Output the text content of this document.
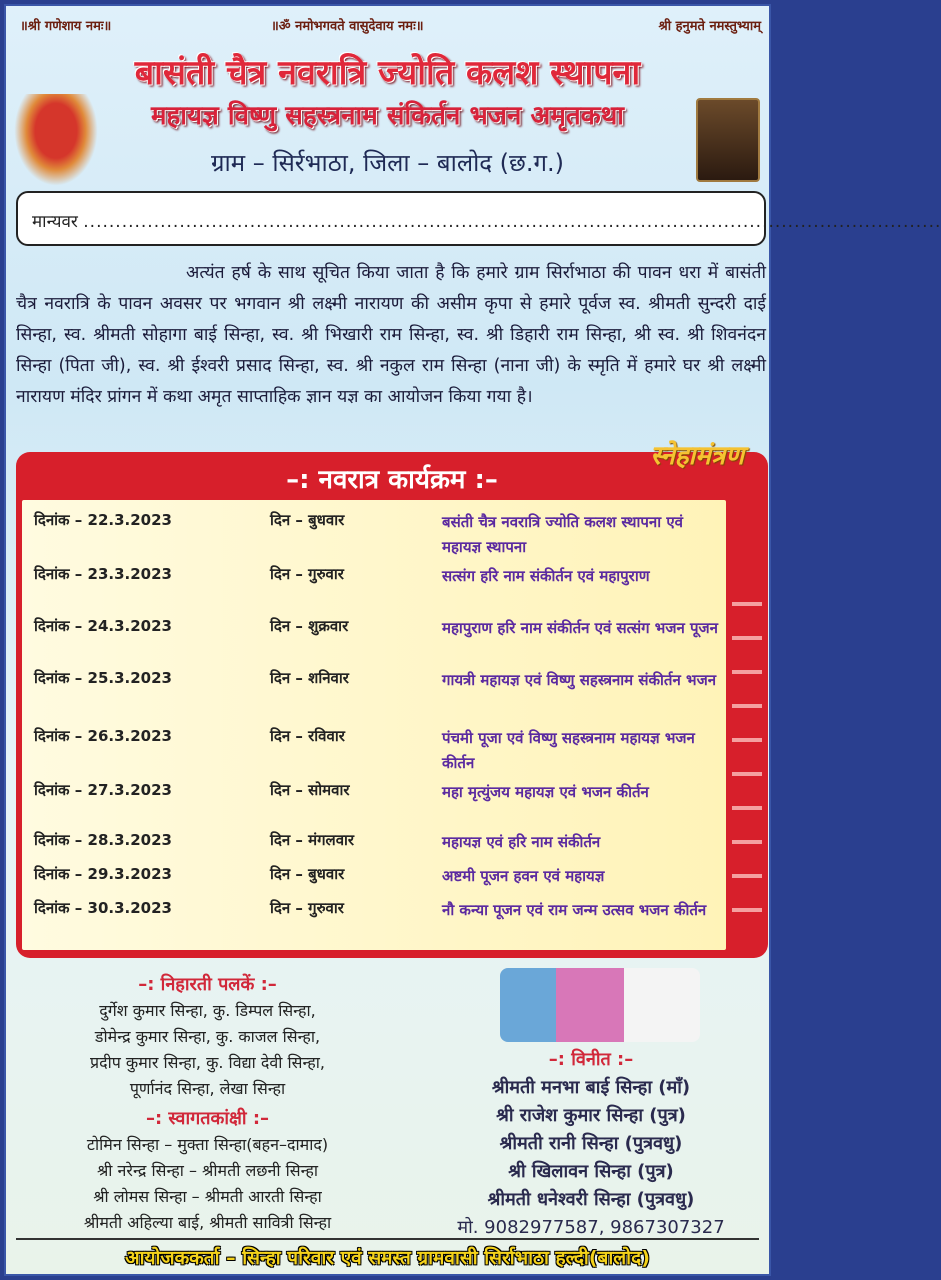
॥श्री गणेशाय नमः॥	॥ॐ नमोभगवते वासुदेवाय नमः॥	श्री हनुमते नमस्तुभ्याम्
बासंती चैत्र नवरात्रि ज्योति कलश स्थापना
महायज्ञ विष्णु सहस्त्रनाम संकिर्तन भजन अमृतकथा
ग्राम – सिर्रभाठा, जिला – बालोद (छ.ग.)
मान्यवर ......................................................................................................................................
अत्यंत हर्ष के साथ सूचित किया जाता है कि हमारे ग्राम सिर्राभाठा की पावन धरा में बासंती चैत्र नवरात्रि के पावन अवसर पर भगवान श्री लक्ष्मी नारायण की असीम कृपा से हमारे पूर्वज स्व. श्रीमती सुन्दरी दाई सिन्हा, स्व. श्रीमती सोहागा बाई सिन्हा, स्व. श्री भिखारी राम सिन्हा, स्व. श्री डिहारी राम सिन्हा, श्री स्व. श्री शिवनंदन सिन्हा (पिता जी), स्व. श्री ईश्वरी प्रसाद सिन्हा, स्व. श्री नकुल राम सिन्हा (नाना जी) के स्मृति में हमारे घर श्री लक्ष्मी नारायण मंदिर प्रांगन में कथा अमृत साप्ताहिक ज्ञान यज्ञ का आयोजन किया गया है।
–: नवरात्र कार्यक्रम :–
स्नेहामंत्रण
दिनांक – 22.3.2023	दिन – बुधवार	बसंती चैत्र नवरात्रि ज्योति कलश स्थापना एवं महायज्ञ स्थापना
दिनांक – 23.3.2023	दिन – गुरुवार	सत्संग हरि नाम संकीर्तन एवं महापुराण
दिनांक – 24.3.2023	दिन – शुक्रवार	महापुराण हरि नाम संकीर्तन एवं सत्संग भजन पूजन
दिनांक – 25.3.2023	दिन – शनिवार	गायत्री महायज्ञ एवं विष्णु सहस्त्रनाम संकीर्तन भजन
दिनांक – 26.3.2023	दिन – रविवार	पंचमी पूजा एवं विष्णु सहस्त्रनाम महायज्ञ भजन कीर्तन
दिनांक – 27.3.2023	दिन – सोमवार	महा मृत्युंजय महायज्ञ एवं भजन कीर्तन
दिनांक – 28.3.2023	दिन – मंगलवार	महायज्ञ एवं हरि नाम संकीर्तन
दिनांक – 29.3.2023	दिन – बुधवार	अष्टमी पूजन हवन एवं महायज्ञ
दिनांक – 30.3.2023	दिन – गुरुवार	नौ कन्या पूजन एवं राम जन्म उत्सव भजन कीर्तन
–: निहारती पलकें :–
दुर्गेश कुमार सिन्हा, कु. डिम्पल सिन्हा,
डोमेन्द्र कुमार सिन्हा, कु. काजल सिन्हा,
प्रदीप कुमार सिन्हा, कु. विद्या देवी सिन्हा,
पूर्णानंद सिन्हा, लेखा सिन्हा
–: स्वागतकांक्षी :–
टोमिन सिन्हा – मुक्ता सिन्हा(बहन–दामाद)
श्री नरेन्द्र सिन्हा – श्रीमती लछनी सिन्हा
श्री लोमस सिन्हा – श्रीमती आरती सिन्हा
श्रीमती अहिल्या बाई, श्रीमती सावित्री सिन्हा
–: विनीत :–
श्रीमती मनभा बाई सिन्हा (माँ)
श्री राजेश कुमार सिन्हा (पुत्र)
श्रीमती रानी सिन्हा (पुत्रवधु)
श्री खिलावन सिन्हा (पुत्र)
श्रीमती धनेश्वरी सिन्हा (पुत्रवधु)
मो. 9082977587, 9867307327
आयोजककर्ता – सिन्हा परिवार एवं समस्त ग्रामवासी सिर्राभाठा हल्दी(बालोद)
